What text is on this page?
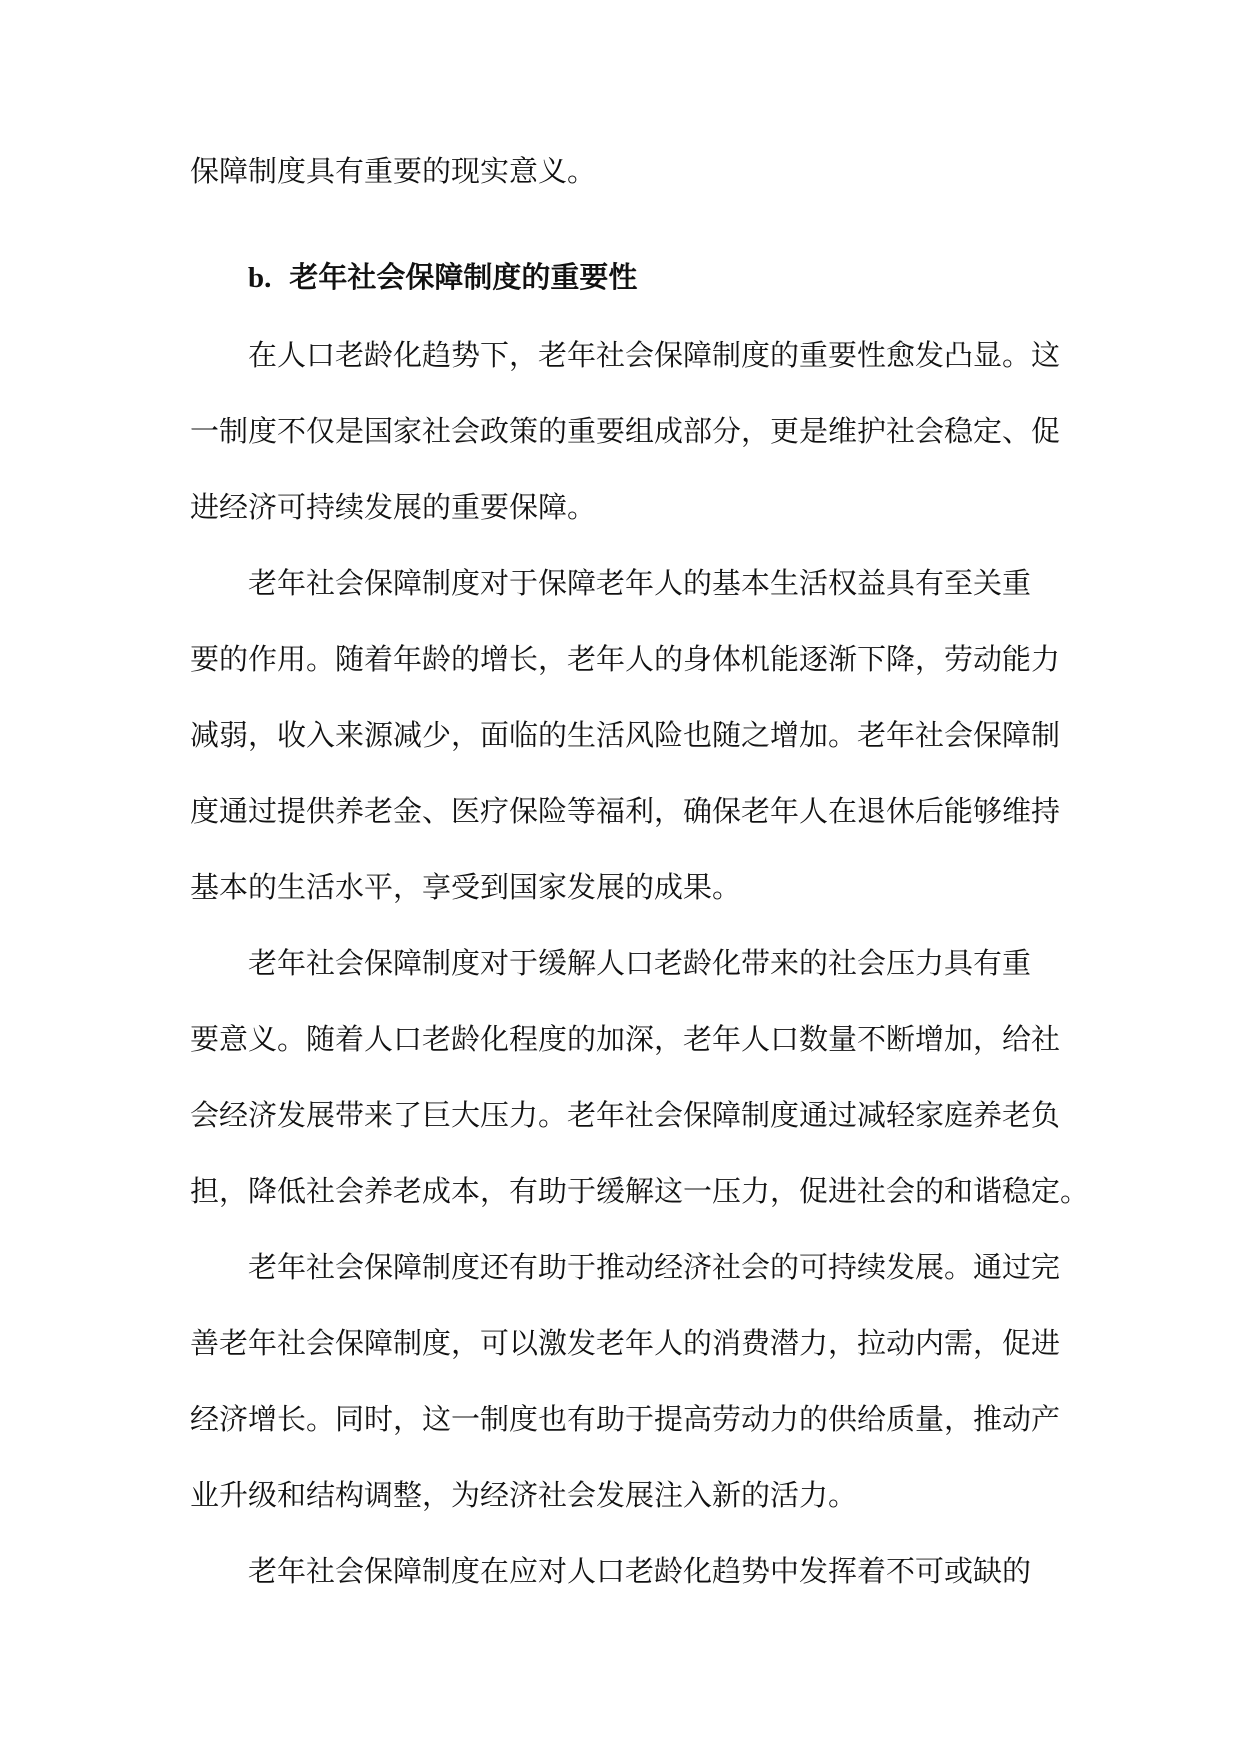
保障制度具有重要的现实意义。
b. 老年社会保障制度的重要性
在人口老龄化趋势下，老年社会保障制度的重要性愈发凸显。这
一制度不仅是国家社会政策的重要组成部分，更是维护社会稳定、促
进经济可持续发展的重要保障。
老年社会保障制度对于保障老年人的基本生活权益具有至关重
要的作用。随着年龄的增长，老年人的身体机能逐渐下降，劳动能力
减弱，收入来源减少，面临的生活风险也随之增加。老年社会保障制
度通过提供养老金、医疗保险等福利，确保老年人在退休后能够维持
基本的生活水平，享受到国家发展的成果。
老年社会保障制度对于缓解人口老龄化带来的社会压力具有重
要意义。随着人口老龄化程度的加深，老年人口数量不断增加，给社
会经济发展带来了巨大压力。老年社会保障制度通过减轻家庭养老负
担，降低社会养老成本，有助于缓解这一压力，促进社会的和谐稳定。
老年社会保障制度还有助于推动经济社会的可持续发展。通过完
善老年社会保障制度，可以激发老年人的消费潜力，拉动内需，促进
经济增长。同时，这一制度也有助于提高劳动力的供给质量，推动产
业升级和结构调整，为经济社会发展注入新的活力。
老年社会保障制度在应对人口老龄化趋势中发挥着不可或缺的
